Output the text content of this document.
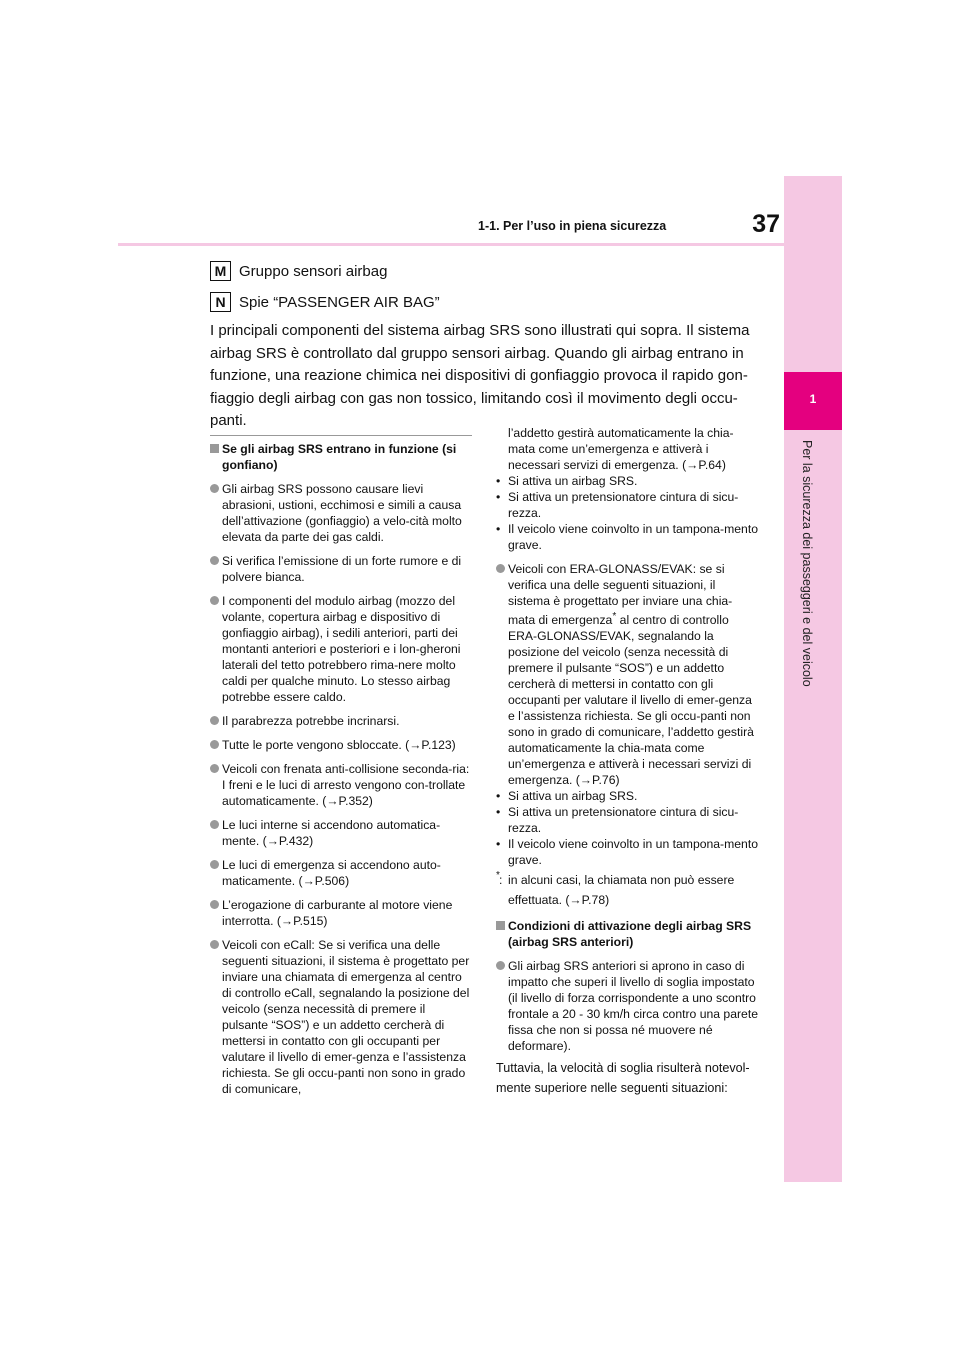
1
Per la sicurezza dei passeggeri e del veicolo
1-1. Per l’uso in piena sicurezza	37
M Gruppo sensori airbag
N Spie “PASSENGER AIR BAG”

I principali componenti del sistema airbag SRS sono illustrati qui sopra. Il sistema airbag SRS è controllato dal gruppo sensori airbag. Quando gli airbag entrano in funzione, una reazione chimica nei dispositivi di gonfiaggio provoca il rapido gon-fiaggio degli airbag con gas non tossico, limitando così il movimento degli occu-panti.

Se gli airbag SRS entrano in funzione (si gonfiano)
Gli airbag SRS possono causare lievi abrasioni, ustioni, ecchimosi e simili a causa dell’attivazione (gonfiaggio) a velo-cità molto elevata da parte dei gas caldi.
Si verifica l’emissione di un forte rumore e di polvere bianca.
I componenti del modulo airbag (mozzo del volante, copertura airbag e dispositivo di gonfiaggio airbag), i sedili anteriori, parti dei montanti anteriori e posteriori e i lon-gheroni laterali del tetto potrebbero rima-nere molto caldi per qualche minuto. Lo stesso airbag potrebbe essere caldo.
Il parabrezza potrebbe incrinarsi.
Tutte le porte vengono sbloccate. (→P.123)
Veicoli con frenata anti-collisione seconda-ria: I freni e le luci di arresto vengono con-trollate automaticamente. (→P.352)
Le luci interne si accendono automatica-mente. (→P.432)
Le luci di emergenza si accendono auto-maticamente. (→P.506)
L’erogazione di carburante al motore viene interrotta. (→P.515)
Veicoli con eCall: Se si verifica una delle seguenti situazioni, il sistema è progettato per inviare una chiamata di emergenza al centro di controllo eCall, segnalando la posizione del veicolo (senza necessità di premere il pulsante “SOS”) e un addetto cercherà di mettersi in contatto con gli occupanti per valutare il livello di emer-genza e l’assistenza richiesta. Se gli occu-panti non sono in grado di comunicare,
l’addetto gestirà automaticamente la chia-mata come un’emergenza e attiverà i necessari servizi di emergenza. (→P.64)
• Si attiva un airbag SRS.
• Si attiva un pretensionatore cintura di sicu-rezza.
• Il veicolo viene coinvolto in un tampona-mento grave.
Veicoli con ERA-GLONASS/EVAK: se si verifica una delle seguenti situazioni, il sistema è progettato per inviare una chia-mata di emergenza* al centro di controllo ERA-GLONASS/EVAK, segnalando la posizione del veicolo (senza necessità di premere il pulsante “SOS”) e un addetto cercherà di mettersi in contatto con gli occupanti per valutare il livello di emer-genza e l’assistenza richiesta. Se gli occu-panti non sono in grado di comunicare, l’addetto gestirà automaticamente la chia-mata come un’emergenza e attiverà i necessari servizi di emergenza. (→P.76)
• Si attiva un airbag SRS.
• Si attiva un pretensionatore cintura di sicu-rezza.
• Il veicolo viene coinvolto in un tampona-mento grave.
* : in alcuni casi, la chiamata non può essere effettuata. (→P.78)
Condizioni di attivazione degli airbag SRS (airbag SRS anteriori)
Gli airbag SRS anteriori si aprono in caso di impatto che superi il livello di soglia impostato (il livello di forza corrispondente a uno scontro frontale a 20 - 30 km/h circa contro una parete fissa che non si possa né muovere né deformare).

Tuttavia, la velocità di soglia risulterà notevol-mente superiore nelle seguenti situazioni:
